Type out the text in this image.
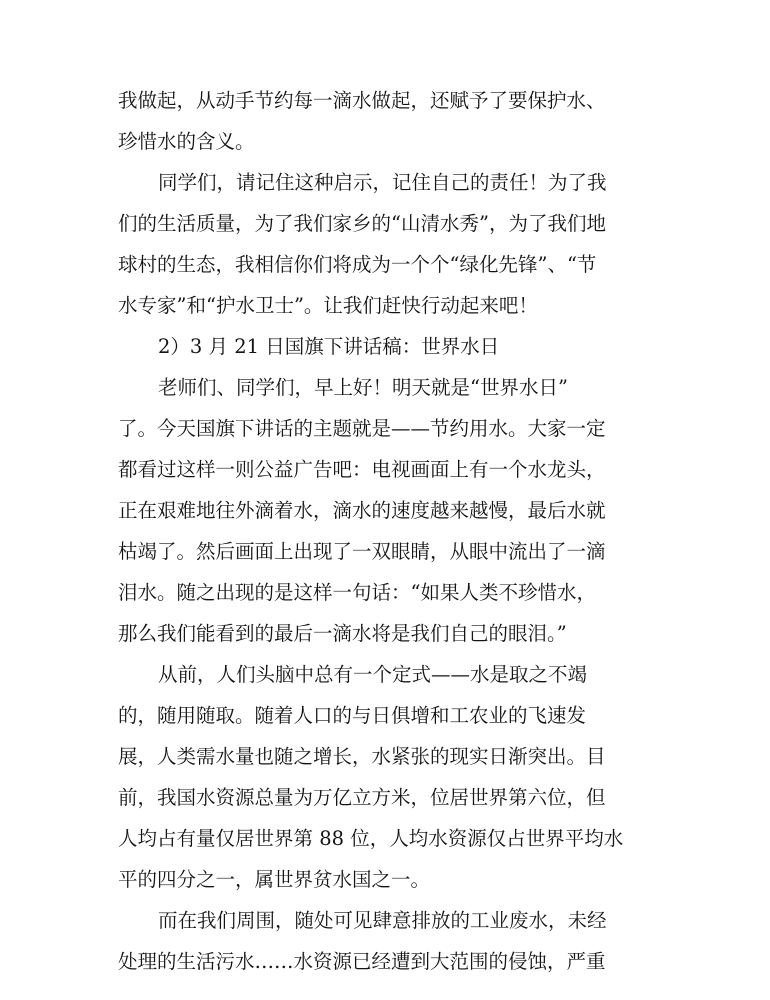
我做起，从动手节约每一滴水做起，还赋予了要保护水、
珍惜水的含义。
同学们，请记住这种启示，记住自己的责任！为了我
们的生活质量，为了我们家乡的“山清水秀”，为了我们地
球村的生态，我相信你们将成为一个个“绿化先锋”、“节
水专家”和“护水卫士”。让我们赶快行动起来吧！
2）3 月 21 日国旗下讲话稿：世界水日
老师们、同学们，早上好！明天就是“世界水日”
了。今天国旗下讲话的主题就是——节约用水。大家一定
都看过这样一则公益广告吧：电视画面上有一个水龙头，
正在艰难地往外滴着水，滴水的速度越来越慢，最后水就
枯竭了。然后画面上出现了一双眼睛，从眼中流出了一滴
泪水。随之出现的是这样一句话：“如果人类不珍惜水，
那么我们能看到的最后一滴水将是我们自己的眼泪。”
从前，人们头脑中总有一个定式——水是取之不竭
的，随用随取。随着人口的与日俱增和工农业的飞速发
展，人类需水量也随之增长，水紧张的现实日渐突出。目
前，我国水资源总量为万亿立方米，位居世界第六位，但
人均占有量仅居世界第 88 位，人均水资源仅占世界平均水
平的四分之一，属世界贫水国之一。
而在我们周围，随处可见肆意排放的工业废水，未经
处理的生活污水……水资源已经遭到大范围的侵蚀，严重
